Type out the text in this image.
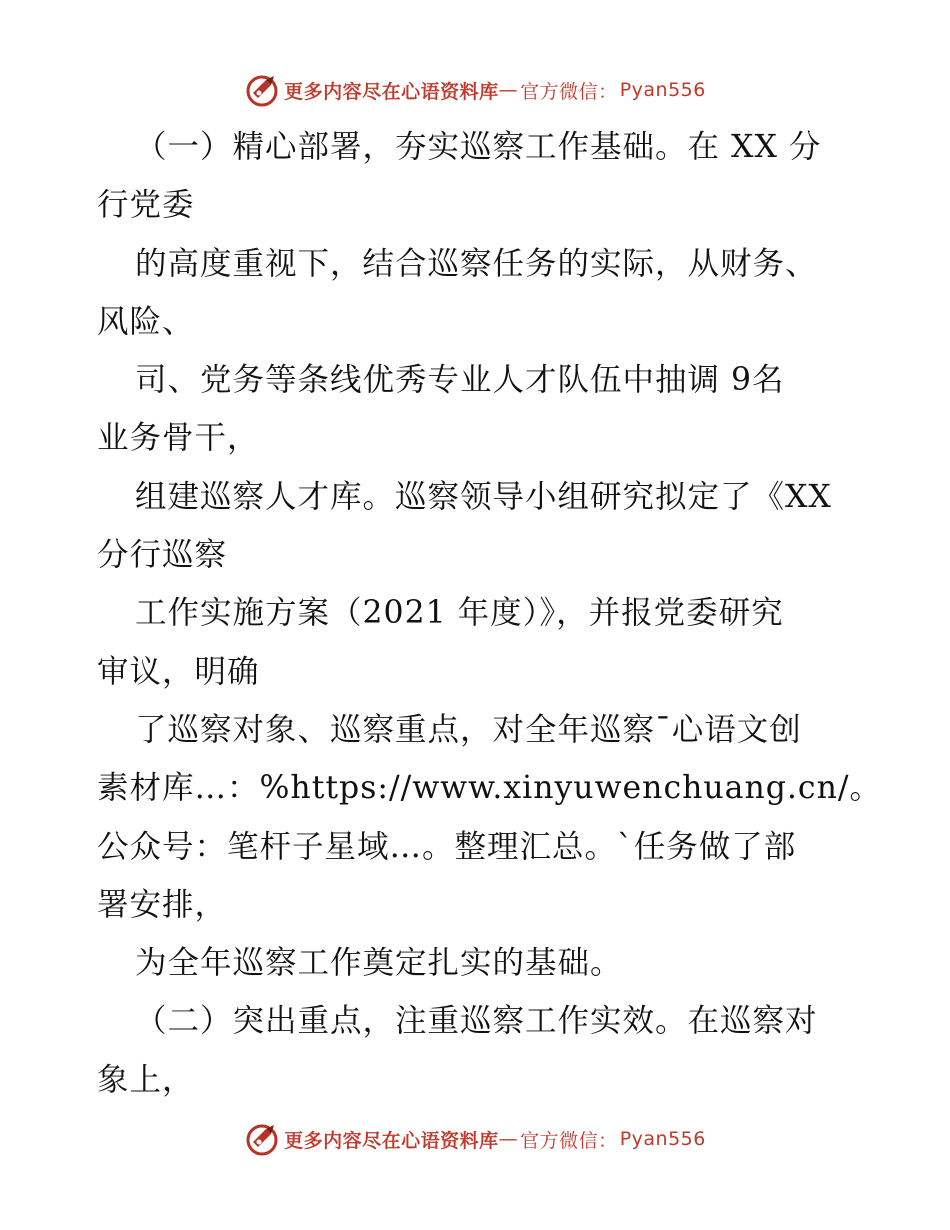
更多内容尽在心语资料库 — 官方微信： Pyan556
（一）精心部署，夯实巡察工作基础。在 XX 分
行党委
的高度重视下，结合巡察任务的实际，从财务、
风险、
司、党务等条线优秀专业人才队伍中抽调 9名
业务骨干，
组建巡察人才库。巡察领导小组研究拟定了《XX
分行巡察
工作实施方案（2021 年度）》，并报党委研究
审议，明确
了巡察对象、巡察重点，对全年巡察¯心语文创
素材库…：%https://www.xinyuwenchuang.cn/。
公众号：笔杆子星域…。整理汇总。`任务做了部
署安排，
为全年巡察工作奠定扎实的基础。
（二）突出重点，注重巡察工作实效。在巡察对
象上，
更多内容尽在心语资料库 — 官方微信： Pyan556
